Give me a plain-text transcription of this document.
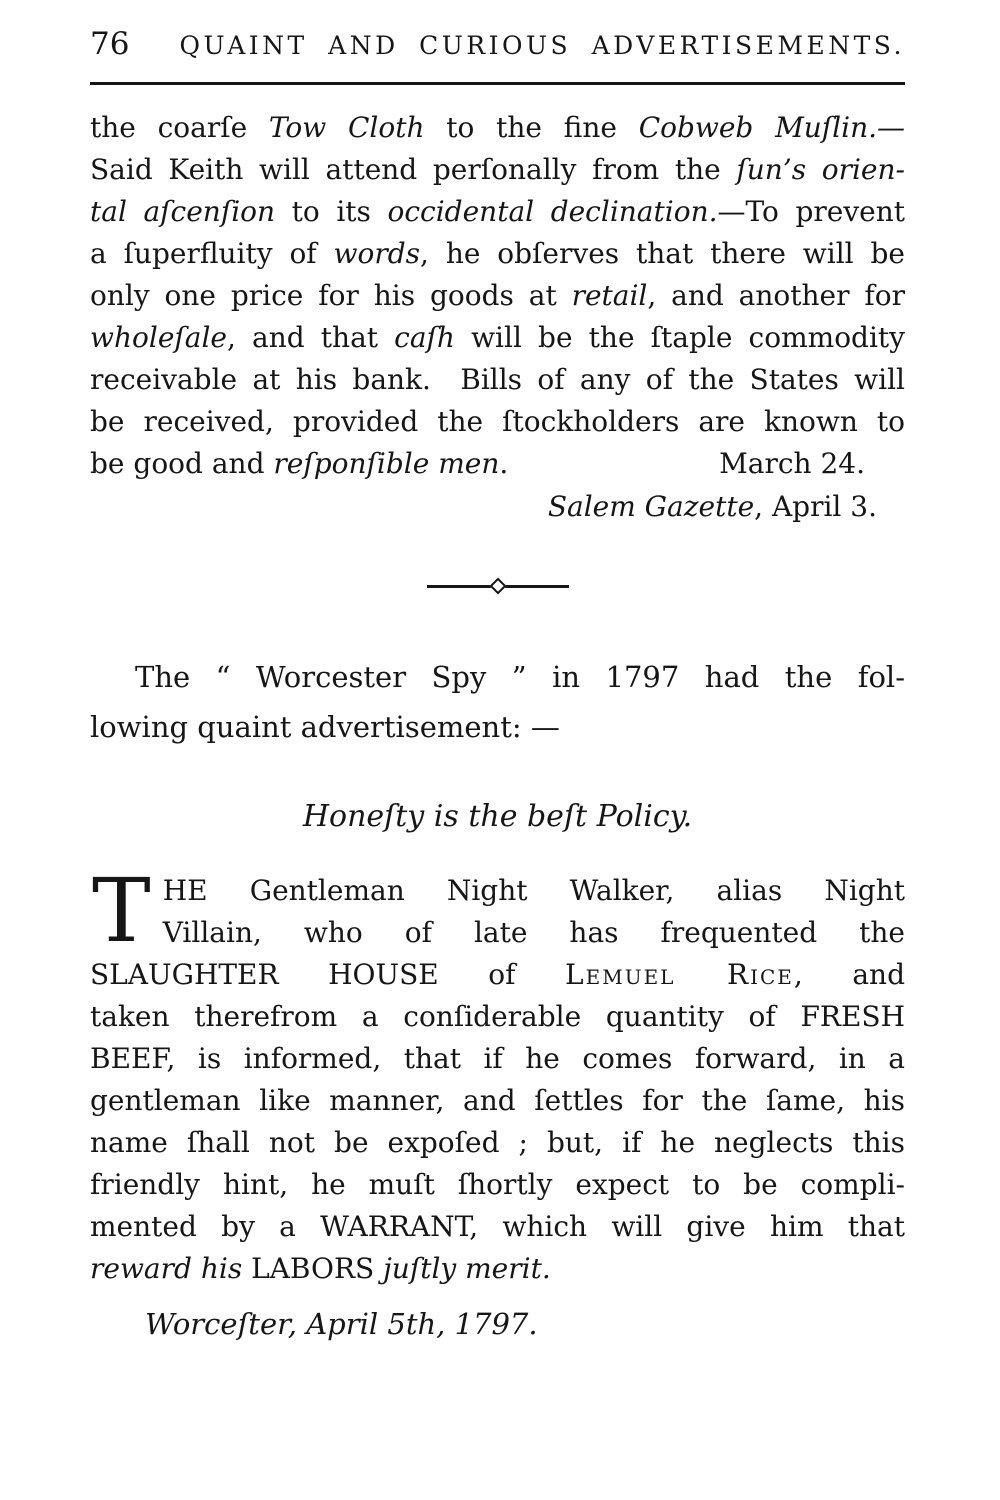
76 QUAINT AND CURIOUS ADVERTISEMENTS.
the coarſe Tow Cloth to the fine Cobweb Muſlin.—
Said Keith will attend perſonally from the ſun’s orien-
tal aſcenſion to its occidental declination.—To prevent
a ſuperfluity of words, he obſerves that there will be
only one price for his goods at retail, and another for
wholeſale, and that caſh will be the ſtaple commodity
receivable at his bank.  Bills of any of the States will
be received, provided the ſtockholders are known to
be good and reſponſible men.	March 24.
Salem Gazette, April 3.
The “ Worcester Spy ” in 1797 had the fol-
lowing quaint advertisement: —
Honeſty is the beſt Policy.
T HE Gentleman Night Walker, alias Night
Villain, who of late has frequented the
SLAUGHTER HOUSE of Lemuel Rice, and
taken therefrom a conſiderable quantity of FRESH
BEEF, is informed, that if he comes forward, in a
gentleman like manner, and ſettles for the ſame, his
name ſhall not be expoſed ; but, if he neglects this
friendly hint, he muſt ſhortly expect to be compli-
mented by a WARRANT, which will give him that
reward his LABORS juſtly merit.
Worceſter, April 5th, 1797.
